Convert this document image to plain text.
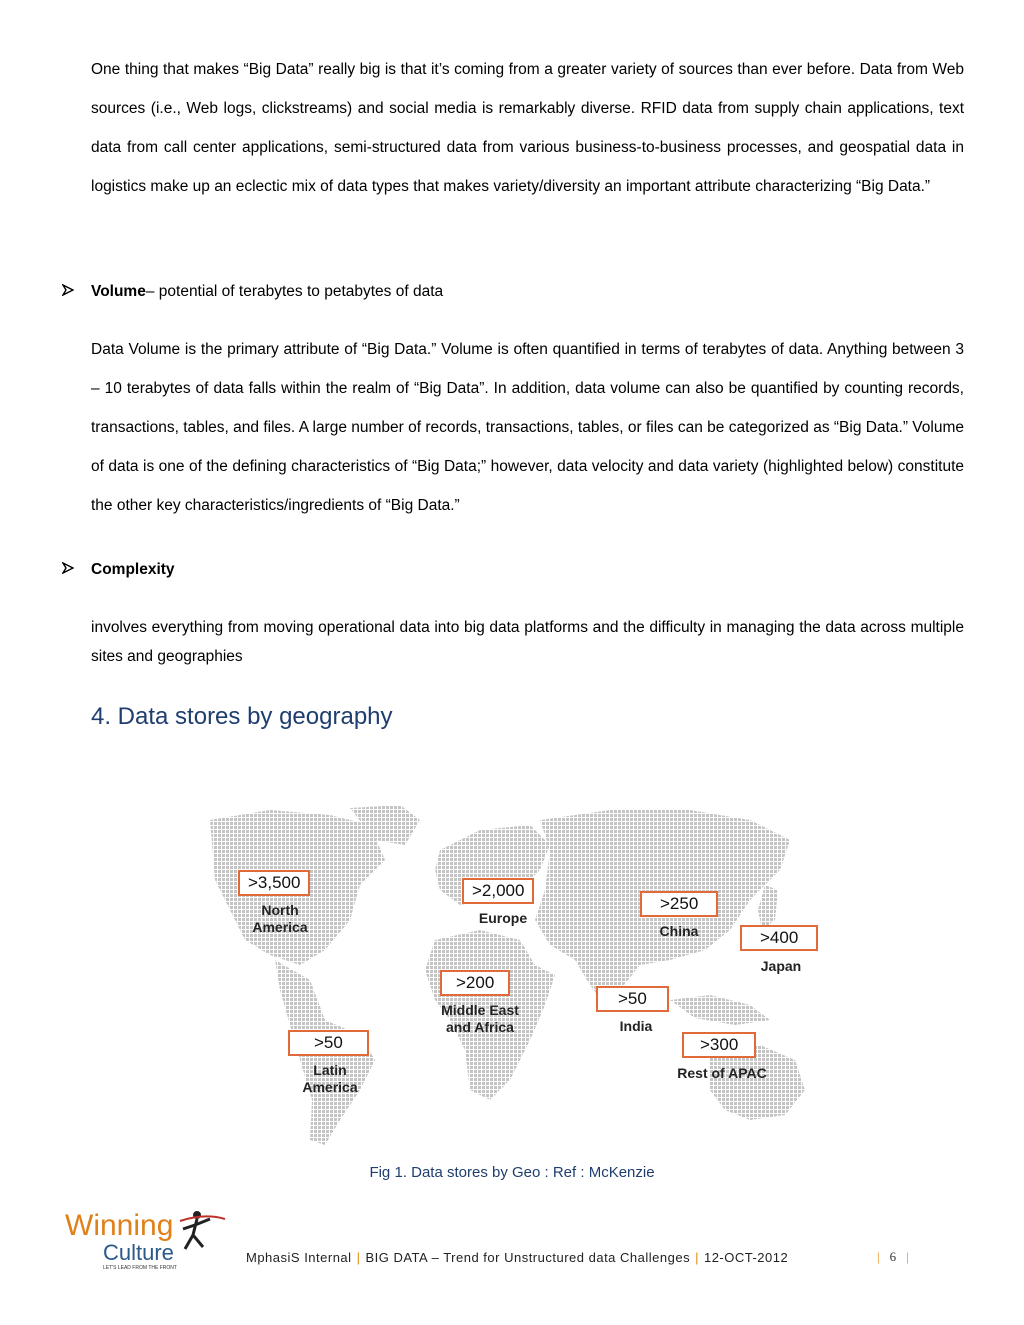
One thing that makes “Big Data” really big is that it’s coming from a greater variety of sources than ever before. Data from Web sources (i.e., Web logs, clickstreams) and social media is remarkably diverse. RFID data from supply chain applications, text data from call center applications, semi-structured data from various business-to-business processes, and geospatial data in logistics make up an eclectic mix of data types that makes variety/diversity an important attribute characterizing “Big Data.”

Volume – potential of terabytes to petabytes of data

Data Volume is the primary attribute of “Big Data.” Volume is often quantified in terms of terabytes of data. Anything between 3 – 10 terabytes of data falls within the realm of “Big Data”. In addition, data volume can also be quantified by counting records, transactions, tables, and files. A large number of records, transactions, tables, or files can be categorized as “Big Data.” Volume of data is one of the defining characteristics of “Big Data;” however, data velocity and data variety (highlighted below) constitute the other key characteristics/ingredients of “Big Data.”

Complexity

involves everything from moving operational data into big data platforms and the difficulty in managing the data across multiple sites and geographies

4. Data stores by geography
>3,500
North
America
>2,000
Europe
>250
China	>400
Japan
>200
Middle East
and Africa
>50
India
>50
Latin
America
>300
Rest of APAC
Fig 1. Data stores by Geo : Ref : McKenzie
Winning
Culture
LET'S LEAD FROM THE FRONT
MphasiS Internal | BIG DATA – Trend for Unstructured data Challenges | 12-OCT-2012	| 6 |
